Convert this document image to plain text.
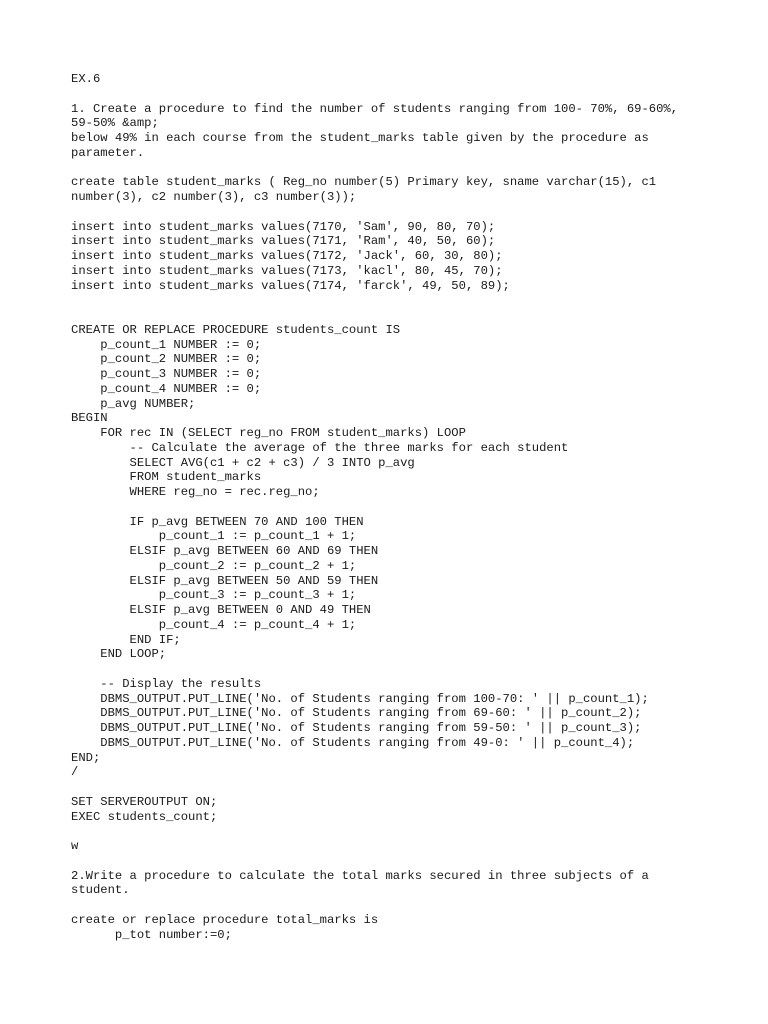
EX.6
1. Create a procedure to find the number of students ranging from 100- 70%, 69-60%,
59-50% &amp;
below 49% in each course from the student_marks table given by the procedure as
parameter.
create table student_marks ( Reg_no number(5) Primary key, sname varchar(15), c1
number(3), c2 number(3), c3 number(3));
insert into student_marks values(7170, 'Sam', 90, 80, 70);
insert into student_marks values(7171, 'Ram', 40, 50, 60);
insert into student_marks values(7172, 'Jack', 60, 30, 80);
insert into student_marks values(7173, 'kacl', 80, 45, 70);
insert into student_marks values(7174, 'farck', 49, 50, 89);
CREATE OR REPLACE PROCEDURE students_count IS
p_count_1 NUMBER := 0;
p_count_2 NUMBER := 0;
p_count_3 NUMBER := 0;
p_count_4 NUMBER := 0;
p_avg NUMBER;
BEGIN
FOR rec IN (SELECT reg_no FROM student_marks) LOOP
-- Calculate the average of the three marks for each student
SELECT AVG(c1 + c2 + c3) / 3 INTO p_avg
FROM student_marks
WHERE reg_no = rec.reg_no;
IF p_avg BETWEEN 70 AND 100 THEN
p_count_1 := p_count_1 + 1;
ELSIF p_avg BETWEEN 60 AND 69 THEN
p_count_2 := p_count_2 + 1;
ELSIF p_avg BETWEEN 50 AND 59 THEN
p_count_3 := p_count_3 + 1;
ELSIF p_avg BETWEEN 0 AND 49 THEN
p_count_4 := p_count_4 + 1;
END IF;
END LOOP;
-- Display the results
DBMS_OUTPUT.PUT_LINE('No. of Students ranging from 100-70: ' || p_count_1);
DBMS_OUTPUT.PUT_LINE('No. of Students ranging from 69-60: ' || p_count_2);
DBMS_OUTPUT.PUT_LINE('No. of Students ranging from 59-50: ' || p_count_3);
DBMS_OUTPUT.PUT_LINE('No. of Students ranging from 49-0: ' || p_count_4);
END;
/
SET SERVEROUTPUT ON;
EXEC students_count;
w
2.Write a procedure to calculate the total marks secured in three subjects of a
student.
create or replace procedure total_marks is
p_tot number:=0;
